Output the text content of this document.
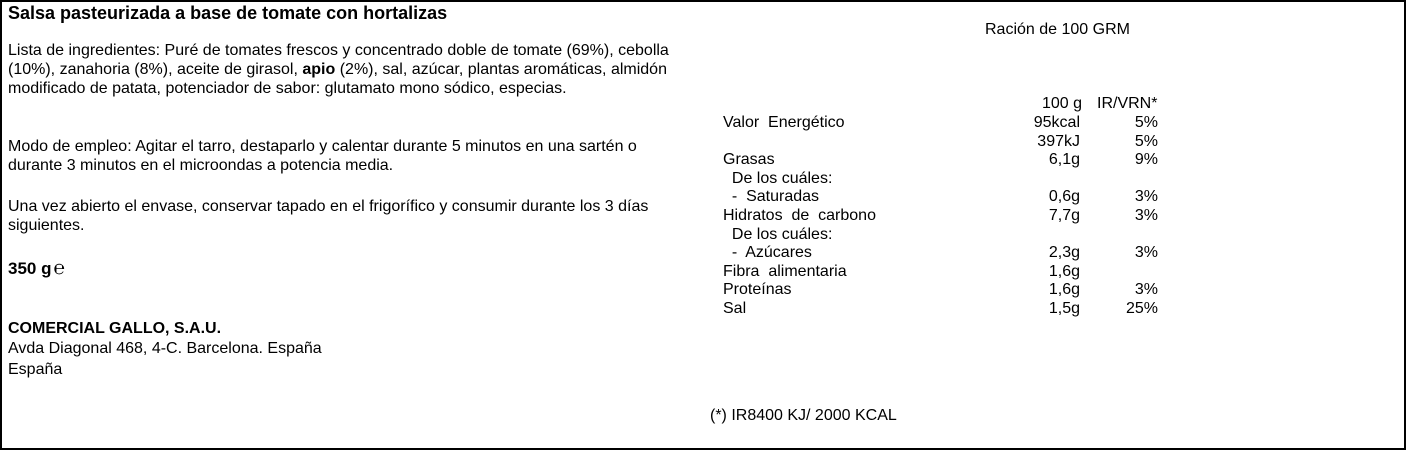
Salsa pasteurizada a base de tomate con hortalizas
Lista de ingredientes: Puré de tomates frescos y concentrado doble de tomate (69%), cebolla (10%), zanahoria (8%), aceite de girasol, apio (2%), sal, azúcar, plantas aromáticas, almidón modificado de patata, potenciador de sabor: glutamato mono sódico, especias.
Modo de empleo: Agitar el tarro, destaparlo y calentar durante 5 minutos en una sartén o durante 3 minutos en el microondas a potencia media.
Una vez abierto el envase, conservar tapado en el frigorífico y consumir durante los 3 días siguientes.
350 g ℮
COMERCIAL GALLO, S.A.U.
Avda Diagonal 468, 4-C. Barcelona. España
España
Ración de 100 GRM
100 g IR/VRN*
Valor  Energético	95kcal	5%
397kJ	5%
Grasas	6,1g	9%
De los cuáles:
-  Saturadas	0,6g	3%
Hidratos  de  carbono	7,7g	3%
De los cuáles:
-  Azúcares	2,3g	3%
Fibra  alimentaria	1,6g
Proteínas	1,6g	3%
Sal	1,5g	25%
(*) IR8400 KJ/ 2000 KCAL
